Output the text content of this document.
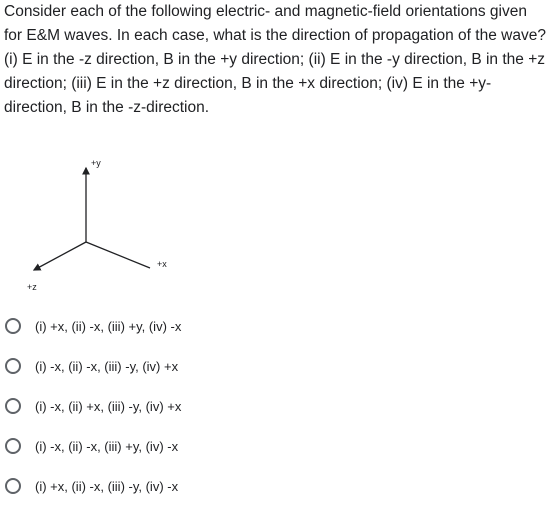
Consider each of the following electric- and magnetic-field orientations given for E&M waves. In each case, what is the direction of propagation of the wave? (i) E in the -z direction, B in the +y direction; (ii) E in the -y direction, B in the +z direction; (iii) E in the +z direction, B in the +x direction; (iv) E in the +y-direction, B in the -z-direction.

+y
+x
+z
(i) +x, (ii) -x, (iii) +y, (iv) -x
(i) -x, (ii) -x, (iii) -y, (iv) +x
(i) -x, (ii) +x, (iii) -y, (iv) +x
(i) -x, (ii) -x, (iii) +y, (iv) -x
(i) +x, (ii) -x, (iii) -y, (iv) -x
